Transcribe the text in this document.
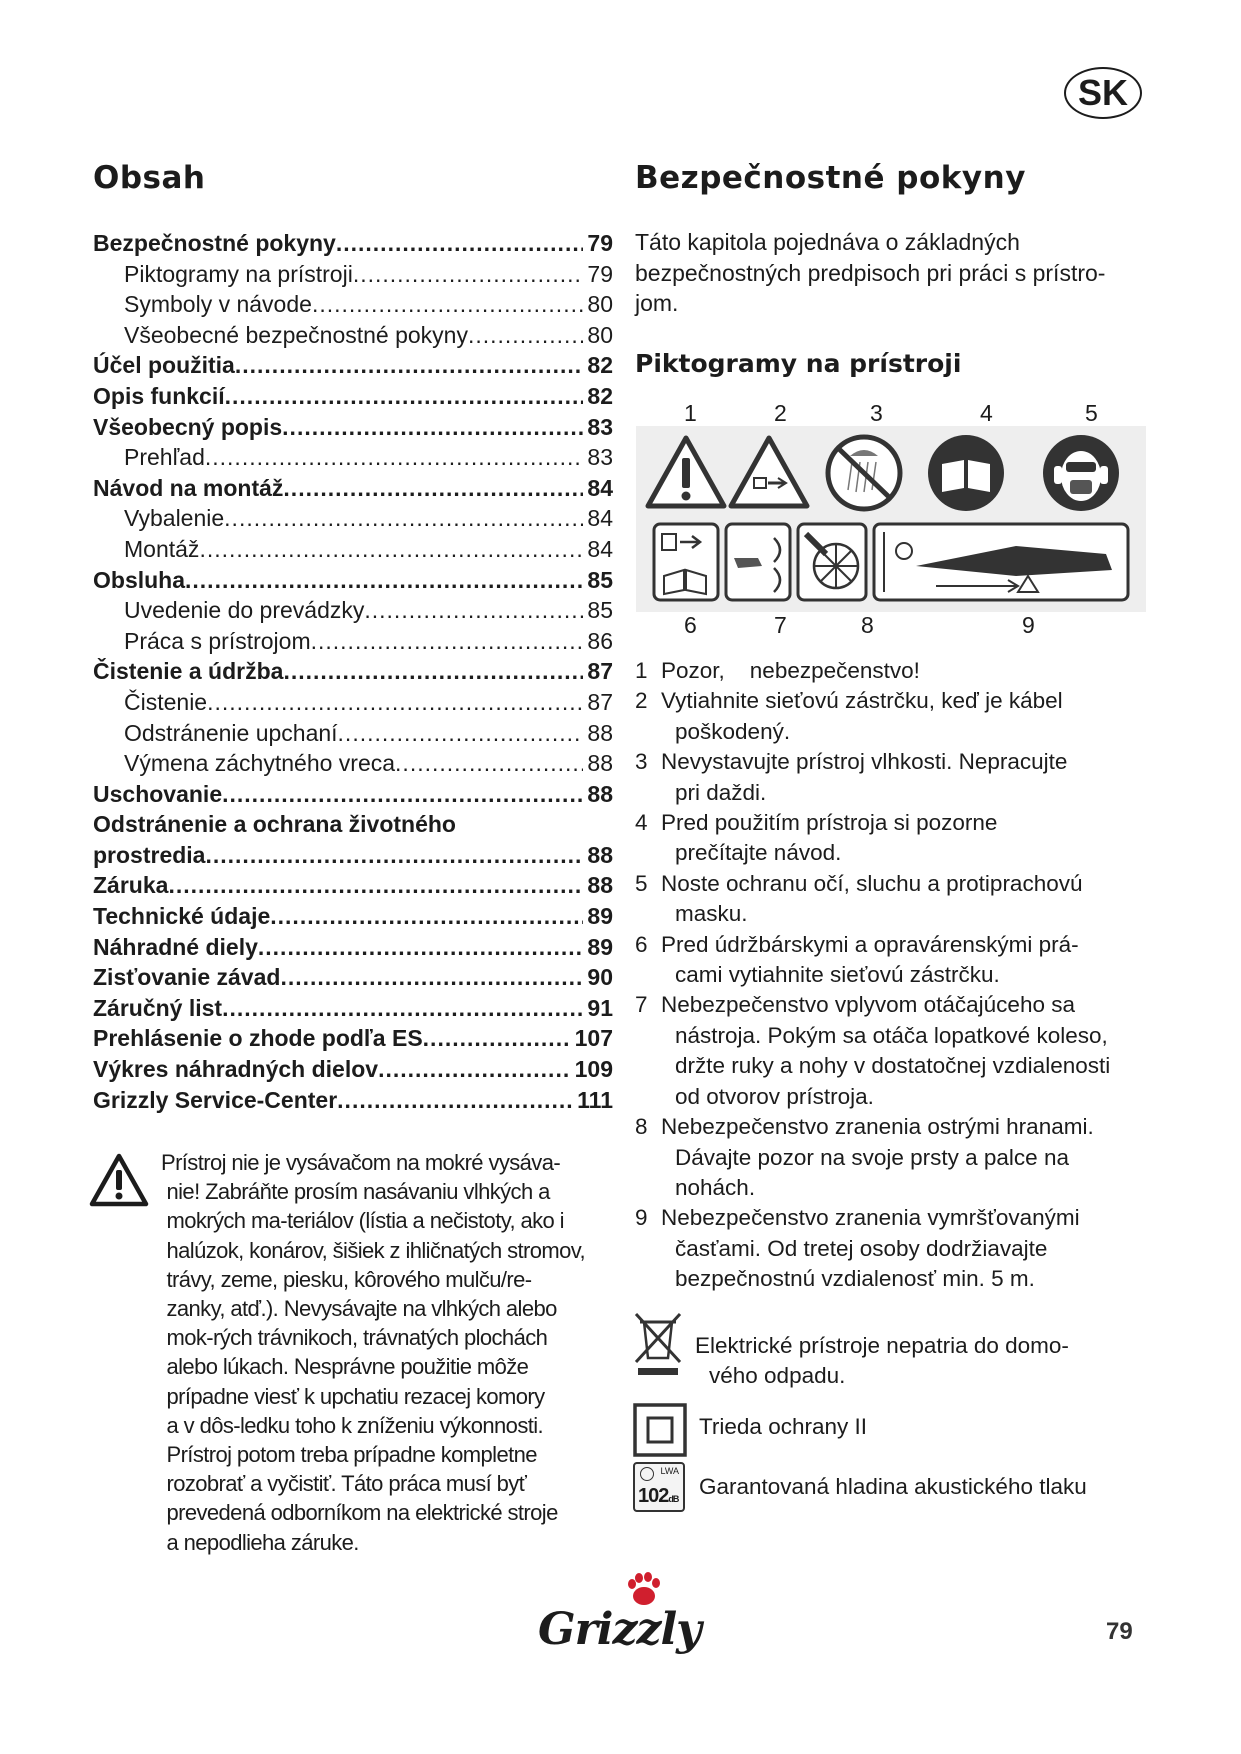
SK
Obsah
Bezpečnostné pokyny .....	79
Piktogramy na prístroji .....	79
Symboly v návode .....	80
Všeobecné bezpečnostné pokyny .....	80
Účel použitia .....	82
Opis funkcií .....	82
Všeobecný popis .....	83
Prehľad .....	83
Návod na montáž .....	84
Vybalenie .....	84
Montáž .....	84
Obsluha .....	85
Uvedenie do prevádzky .....	85
Práca s prístrojom .....	86
Čistenie a údržba .....	87
Čistenie .....	87
Odstránenie upchaní .....	88
Výmena záchytného vreca .....	88
Uschovanie .....	88
Odstránenie a ochrana životného
prostredia .....	88
Záruka .....	88
Technické údaje .....	89
Náhradné diely .....	89
Zisťovanie závad .....	90
Záručný list .....	91
Prehlásenie o zhode podľa ES .....	107
Výkres náhradných dielov .....	109
Grizzly Service-Center .....	111
Prístroj nie je vysávačom na mokré vysáva-
nie! Zabráňte prosím nasávaniu vlhkých a
mokrých ma-teriálov (lístia a nečistoty, ako i
halúzok, konárov, šišiek z ihličnatých stromov,
trávy, zeme, piesku, kôrového mulču/re-
zanky, atď.). Nevysávajte na vlhkých alebo
mok-rých trávnikoch, trávnatých plochách
alebo lúkach. Nesprávne použitie môže
prípadne viesť k upchatiu rezacej komory
a v dôs-ledku toho k zníženiu výkonnosti.
Prístroj potom treba prípadne kompletne
rozobrať a vyčistiť. Táto práca musí byť
prevedená odborníkom na elektrické stroje
a nepodlieha záruke.
Bezpečnostné pokyny
Táto kapitola pojednáva o základných
bezpečnostných predpisoch pri práci s prístro-
jom.
Piktogramy na prístroji
1	2	3	4	5
6	7	8	9
1 Pozor,    nebezpečenstvo!
2 Vytiahnite sieťovú zástrčku, keď je kábel
poškodený.
3 Nevystavujte prístroj vlhkosti. Nepracujte
pri daždi.
4 Pred použitím prístroja si pozorne
prečítajte návod.
5 Noste ochranu očí, sluchu a protiprachovú
masku.
6 Pred údržbárskymi a opravárenskými prá-
cami vytiahnite sieťovú zástrčku.
7 Nebezpečenstvo vplyvom otáčajúceho sa
nástroja. Pokým sa otáča lopatkové koleso,
držte ruky a nohy v dostatočnej vzdialenosti
od otvorov prístroja.
8 Nebezpečenstvo zranenia ostrými hranami.
Dávajte pozor na svoje prsty a palce na
nohách.
9 Nebezpečenstvo zranenia vymršťovanými
časťami. Od tretej osoby dodržiavajte
bezpečnostnú vzdialenosť min. 5 m.
Elektrické prístroje nepatria do domo-
vého odpadu.
Trieda ochrany II
LWA
102dB Garantovaná hladina akustického tlaku
Grizzly	79
